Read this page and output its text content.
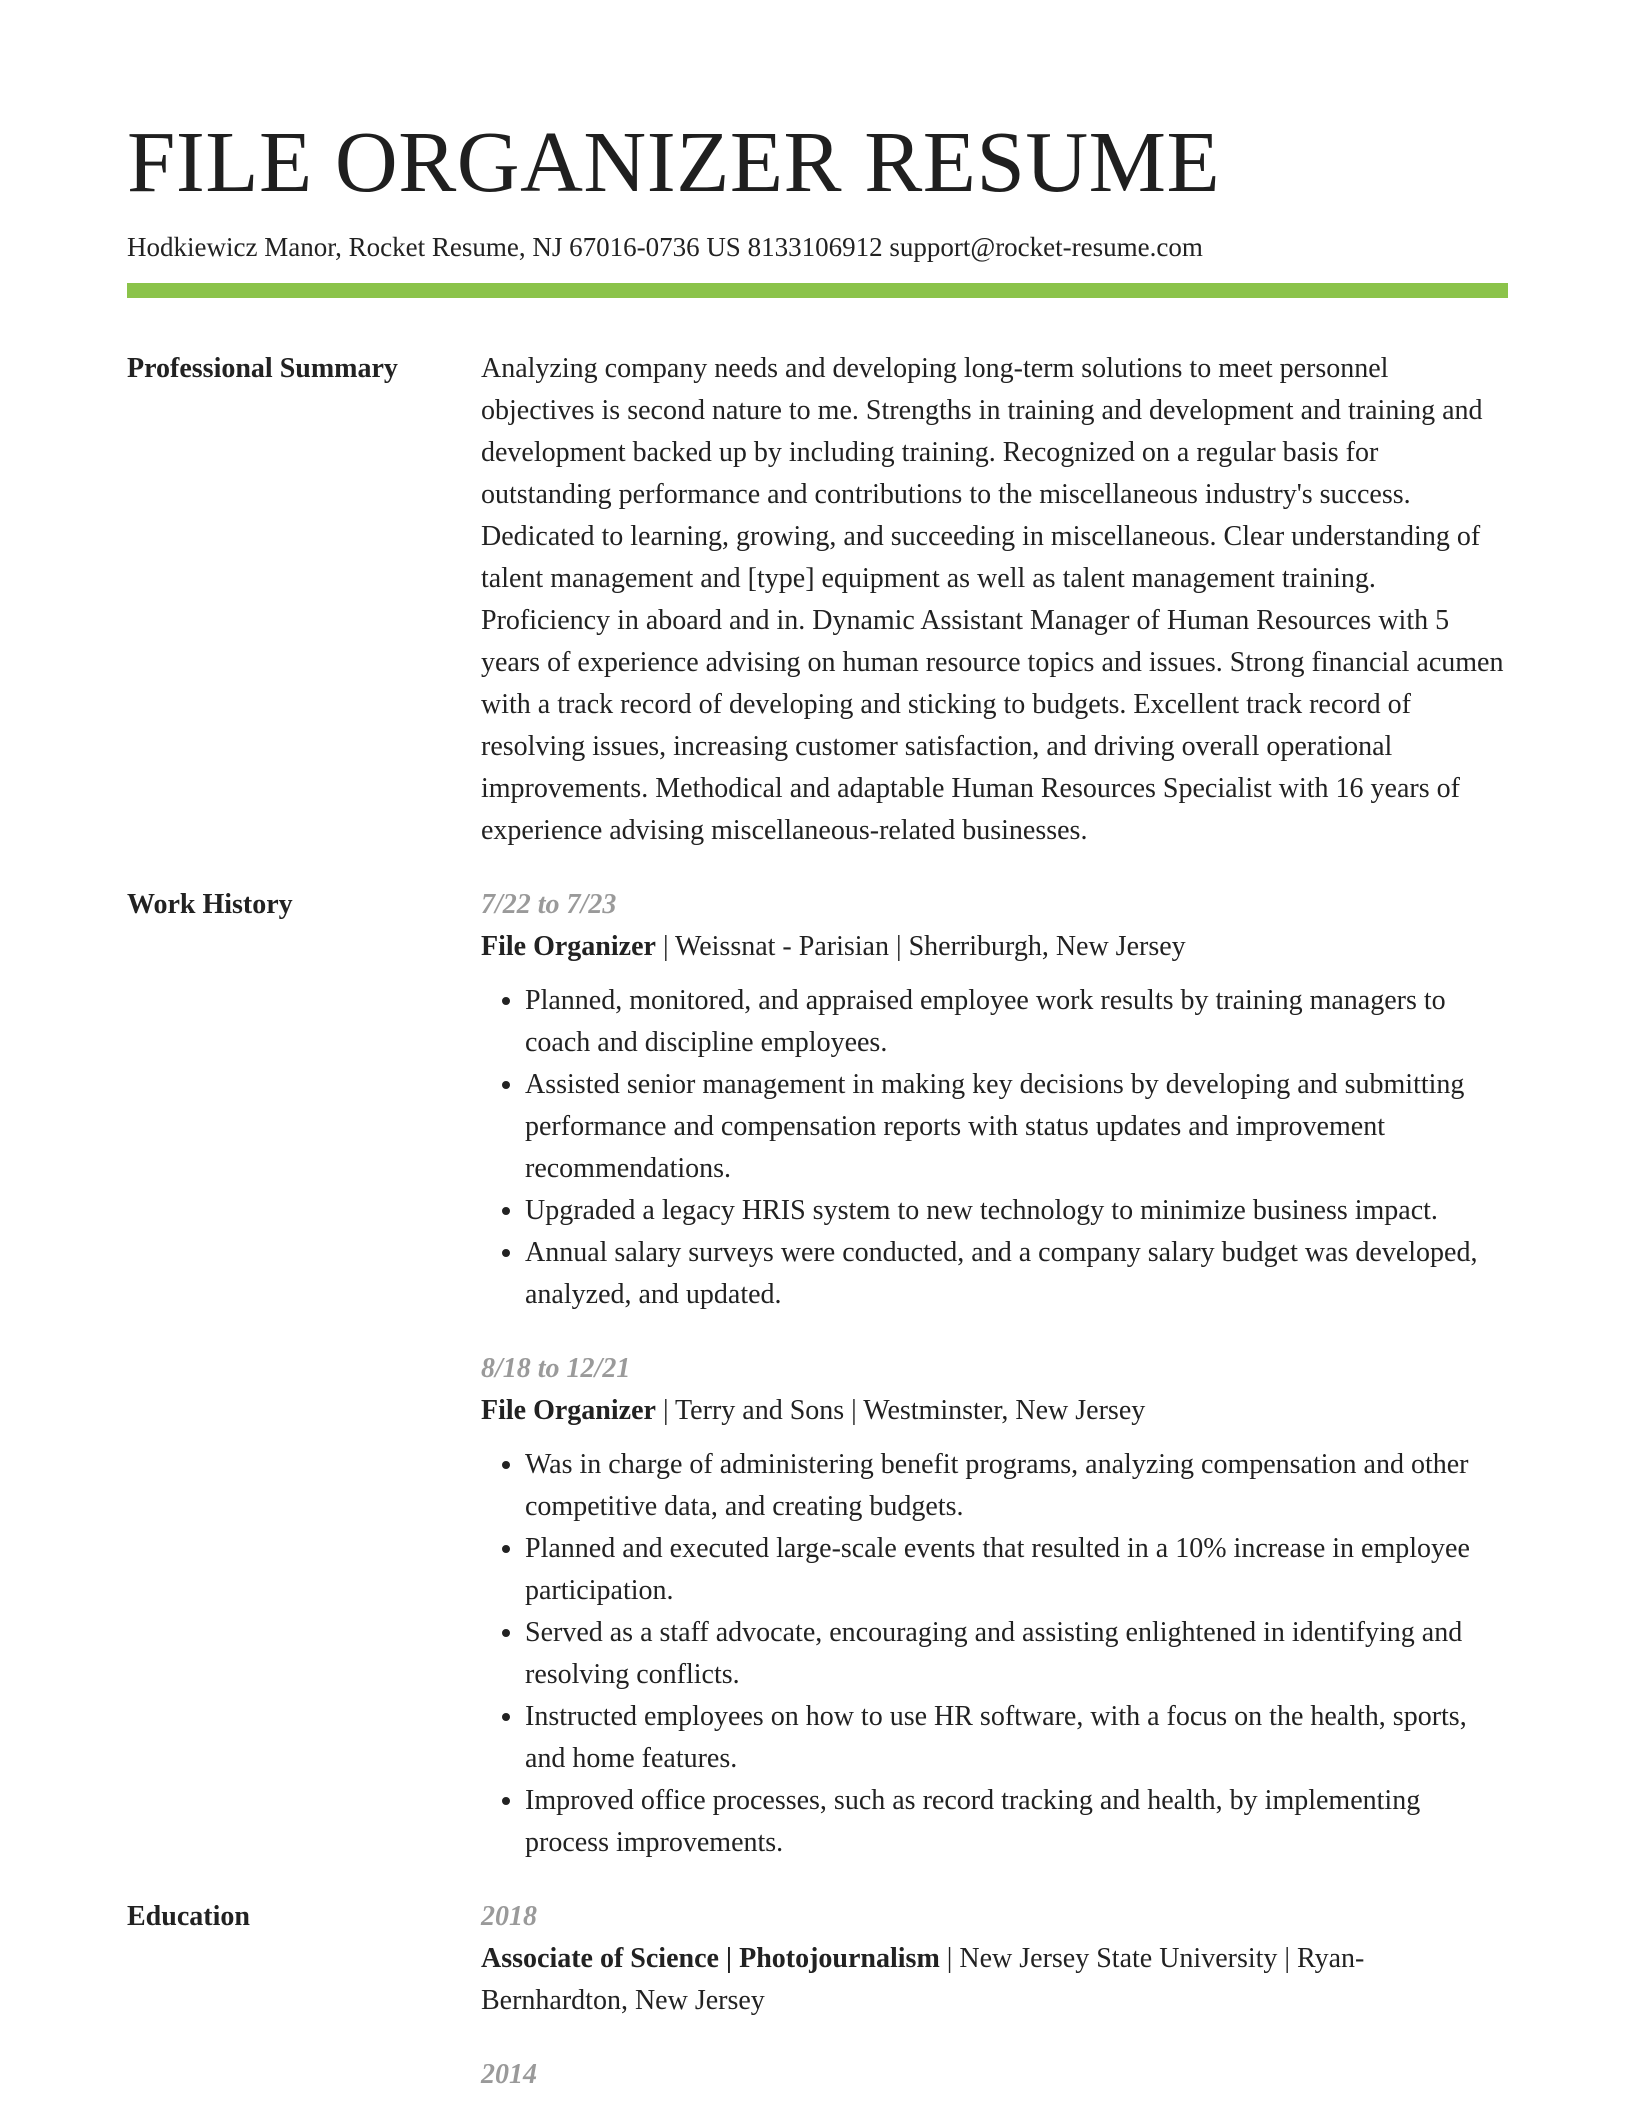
FILE ORGANIZER RESUME
Hodkiewicz Manor, Rocket Resume, NJ 67016-0736 US 8133106912 support@rocket-resume.com
Professional Summary	Analyzing company needs and developing long-term solutions to meet personnel objectives is second nature to me. Strengths in training and development and training and development backed up by including training. Recognized on a regular basis for outstanding performance and contributions to the miscellaneous industry's success. Dedicated to learning, growing, and succeeding in miscellaneous. Clear understanding of talent management and [type] equipment as well as talent management training. Proficiency in aboard and in. Dynamic Assistant Manager of Human Resources with 5 years of experience advising on human resource topics and issues. Strong financial acumen with a track record of developing and sticking to budgets. Excellent track record of resolving issues, increasing customer satisfaction, and driving overall operational improvements. Methodical and adaptable Human Resources Specialist with 16 years of experience advising miscellaneous-related businesses.
Work History	7/22 to 7/23
File Organizer | Weissnat - Parisian | Sherriburgh, New Jersey
• Planned, monitored, and appraised employee work results by training managers to coach and discipline employees.
• Assisted senior management in making key decisions by developing and submitting performance and compensation reports with status updates and improvement recommendations.
• Upgraded a legacy HRIS system to new technology to minimize business impact.
• Annual salary surveys were conducted, and a company salary budget was developed, analyzed, and updated.
8/18 to 12/21
File Organizer | Terry and Sons | Westminster, New Jersey
• Was in charge of administering benefit programs, analyzing compensation and other competitive data, and creating budgets.
• Planned and executed large-scale events that resulted in a 10% increase in employee participation.
• Served as a staff advocate, encouraging and assisting enlightened in identifying and resolving conflicts.
• Instructed employees on how to use HR software, with a focus on the health, sports, and home features.
• Improved office processes, such as record tracking and health, by implementing process improvements.
Education	2018
Associate of Science | Photojournalism | New Jersey State University | Ryan-Bernhardton, New Jersey
2014
